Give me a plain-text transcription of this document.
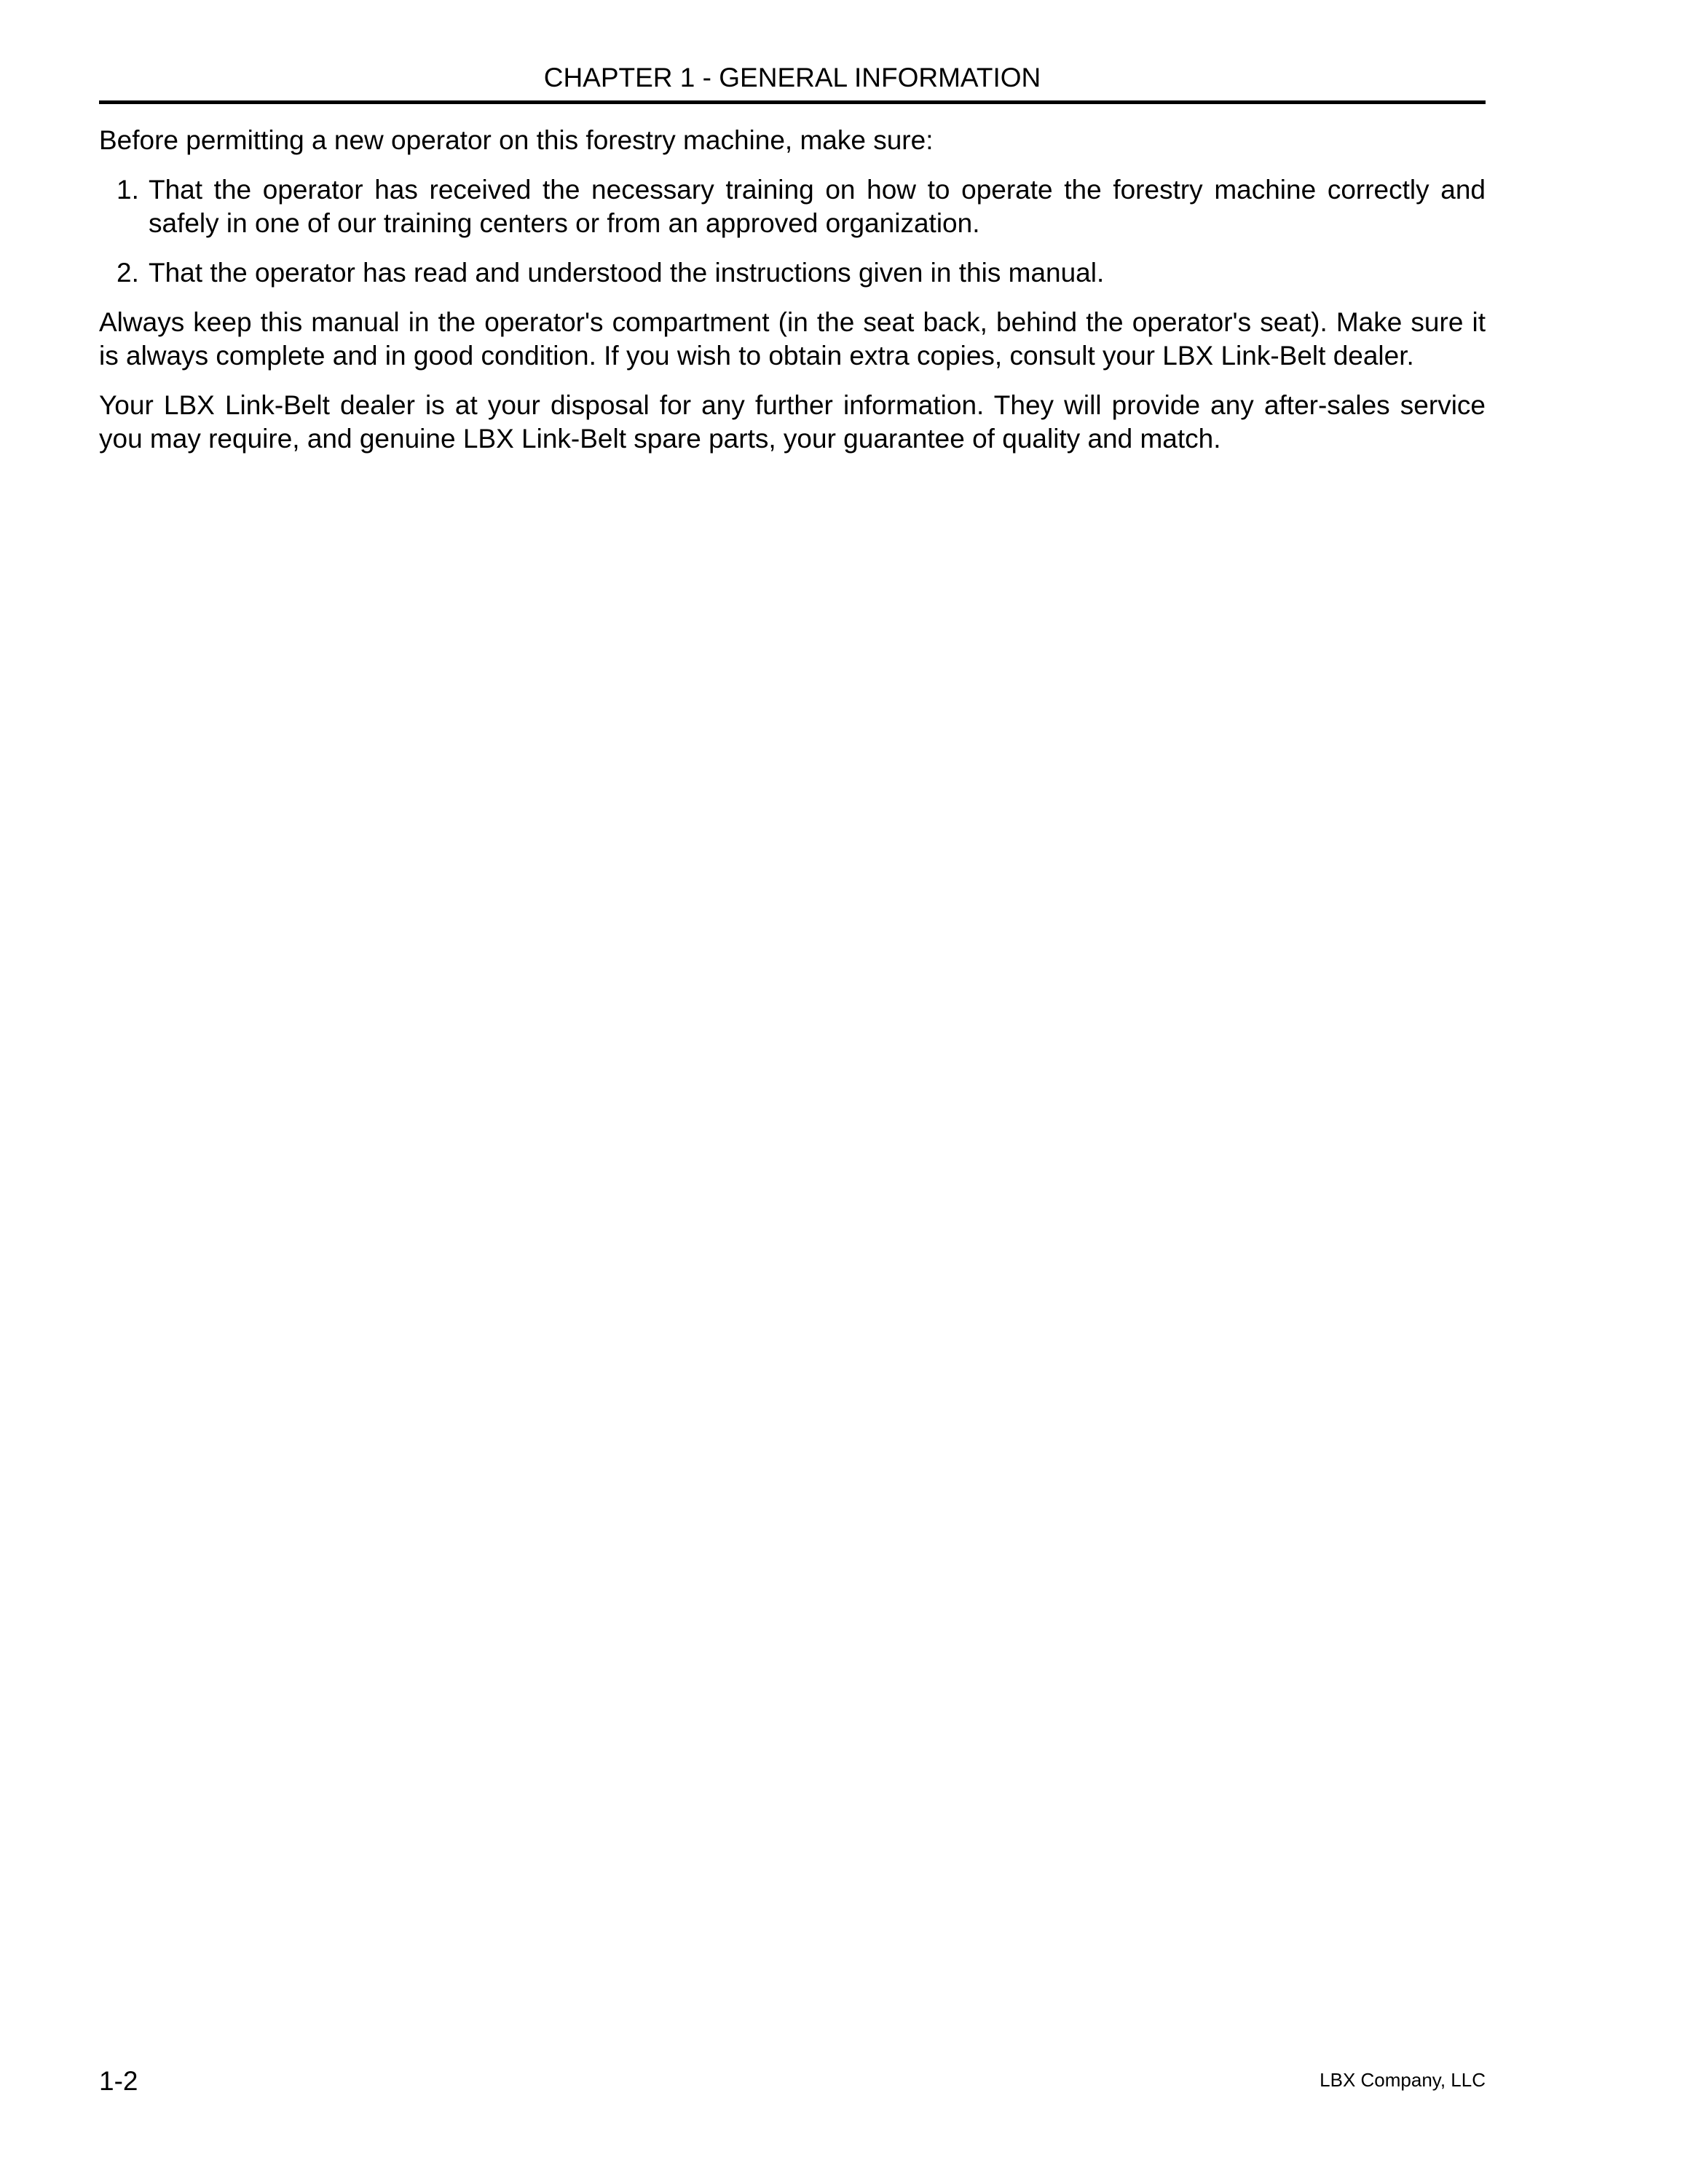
CHAPTER 1 - GENERAL INFORMATION

Before permitting a new operator on this forestry machine, make sure:

1. That the operator has received the necessary training on how to operate the forestry machine correctly and safely in one of our training centers or from an approved organization.
2. That the operator has read and understood the instructions given in this manual.

Always keep this manual in the operator's compartment (in the seat back, behind the operator's seat). Make sure it is always complete and in good condition. If you wish to obtain extra copies, consult your LBX Link-Belt dealer.

Your LBX Link-Belt dealer is at your disposal for any further information. They will provide any after-sales service you may require, and genuine LBX Link-Belt spare parts, your guarantee of quality and match.

1-2	LBX Company, LLC
